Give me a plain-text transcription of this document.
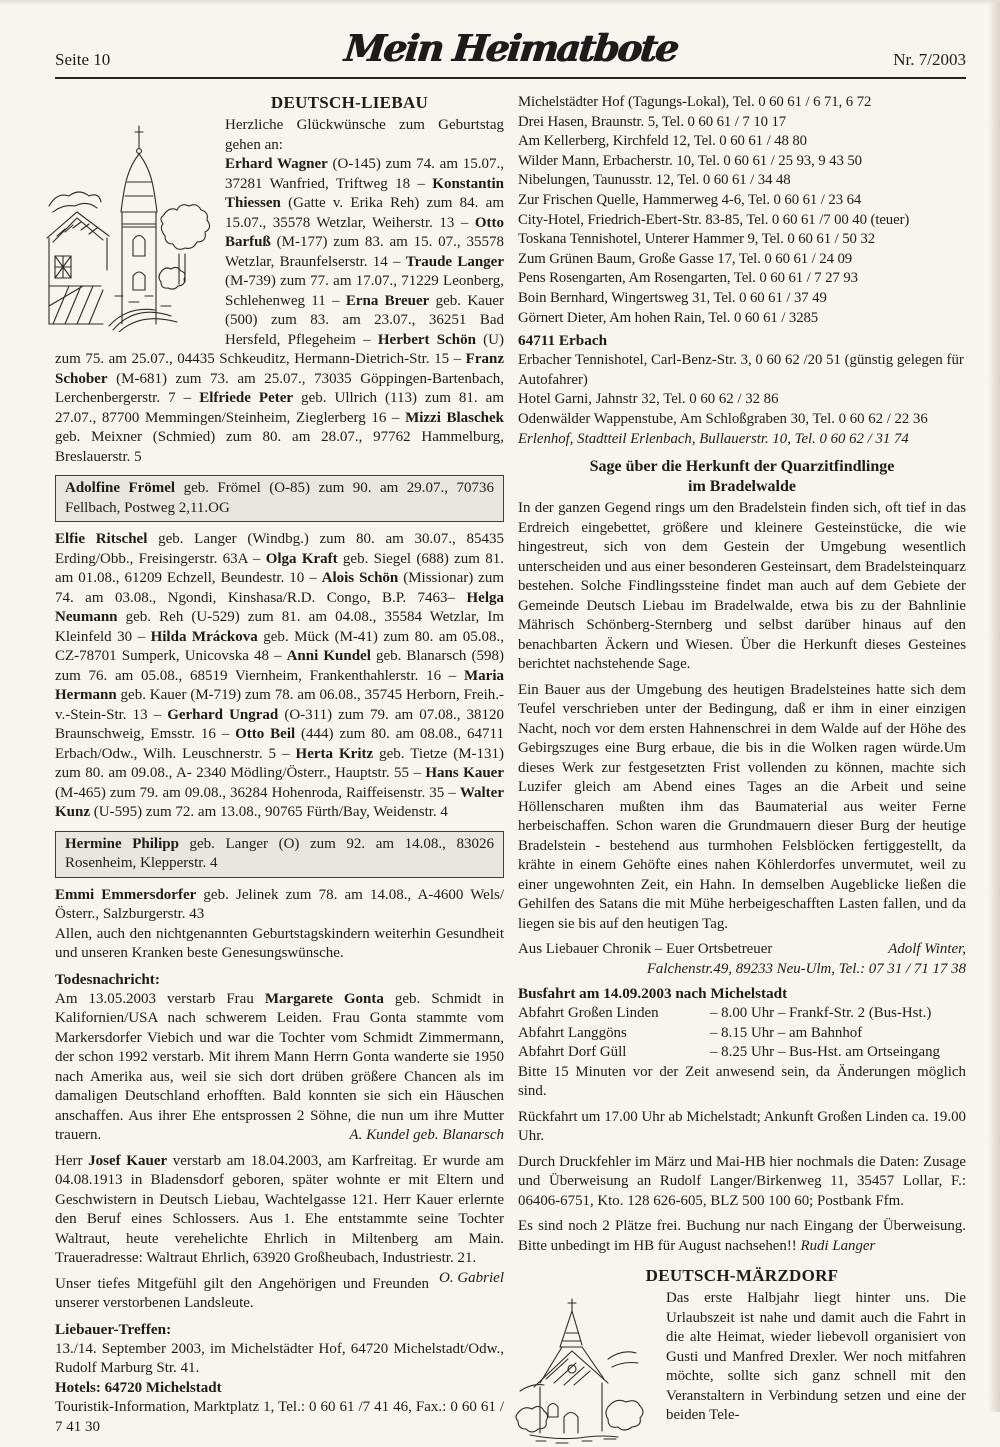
Seite 10	Mein Heimatbote	Nr. 7/2003
DEUTSCH-LIEBAU
Herzliche Glückwünsche zum Geburtstag gehen an:
Erhard Wagner (O-145) zum 74. am 15.07., 37281 Wanfried, Triftweg 18 – Konstantin Thiessen (Gatte v. Erika Reh) zum 84. am 15.07., 35578 Wetzlar, Weiherstr. 13 – Otto Barfuß (M-177) zum 83. am 15. 07., 35578 Wetzlar, Braunfelserstr. 14 – Traude Langer (M-739) zum 77. am 17.07., 71229 Leonberg, Schlehenweg 11 – Erna Breuer geb. Kauer (500) zum 83. am 23.07., 36251 Bad Hersfeld, Pflegeheim – Herbert Schön (U) zum 75. am 25.07., 04435 Schkeuditz, Hermann-Dietrich-Str. 15 – Franz Schober (M-681) zum 73. am 25.07., 73035 Göppingen-Bartenbach, Lerchenbergerstr. 7 – Elfriede Peter geb. Ullrich (113) zum 81. am 27.07., 87700 Memmingen/Steinheim, Zieglerberg 16 – Mizzi Blaschek geb. Meixner (Schmied) zum 80. am 28.07., 97762 Hammelburg, Breslauerstr. 5
Adolfine Frömel geb. Frömel (O-85) zum 90. am 29.07., 70736 Fellbach, Postweg 2,11.OG
Elfie Ritschel geb. Langer (Windbg.) zum 80. am 30.07., 85435 Erding/Obb., Freisingerstr. 63A – Olga Kraft geb. Siegel (688) zum 81. am 01.08., 61209 Echzell, Beundestr. 10 – Alois Schön (Missionar) zum 74. am 03.08., Ngondi, Kinshasa/R.D. Congo, B.P. 7463– Helga Neumann geb. Reh (U-529) zum 81. am 04.08., 35584 Wetzlar, Im Kleinfeld 30 – Hilda Mráckova geb. Mück (M-41) zum 80. am 05.08., CZ-78701 Sumperk, Unicovska 48 – Anni Kundel geb. Blanarsch (598) zum 76. am 05.08., 68519 Viernheim, Frankenthahlerstr. 16 – Maria Hermann geb. Kauer (M-719) zum 78. am 06.08., 35745 Herborn, Freih.-v.-Stein-Str. 13 – Gerhard Ungrad (O-311) zum 79. am 07.08., 38120 Braunschweig, Emsstr. 16 – Otto Beil (444) zum 80. am 08.08., 64711 Erbach/Odw., Wilh. Leuschnerstr. 5 – Herta Kritz geb. Tietze (M-131) zum 80. am 09.08., A- 2340 Mödling/Österr., Hauptstr. 55 – Hans Kauer (M-465) zum 79. am 09.08., 36284 Hohenroda, Raiffeisenstr. 35 – Walter Kunz (U-595) zum 72. am 13.08., 90765 Fürth/Bay, Weidenstr. 4
Hermine Philipp geb. Langer (O) zum 92. am 14.08., 83026 Rosenheim, Klepperstr. 4
Emmi Emmersdorfer geb. Jelinek zum 78. am 14.08., A-4600 Wels/Österr., Salzburgerstr. 43
Allen, auch den nichtgenannten Geburtstagskindern weiterhin Gesundheit und unseren Kranken beste Genesungswünsche.
Todesnachricht:
Am 13.05.2003 verstarb Frau Margarete Gonta geb. Schmidt in Kalifornien/USA nach schwerem Leiden. Frau Gonta stammte vom Markersdorfer Viebich und war die Tochter vom Schmidt Zimmermann, der schon 1992 verstarb. Mit ihrem Mann Herrn Gonta wanderte sie 1950 nach Amerika aus, weil sie sich dort drüben größere Chancen als im damaligen Deutschland erhofften. Bald konnten sie sich ein Häuschen anschaffen. Aus ihrer Ehe entsprossen 2 Söhne, die nun um ihre Mutter trauern.	A. Kundel geb. Blanarsch
Herr Josef Kauer verstarb am 18.04.2003, am Karfreitag. Er wurde am 04.08.1913 in Bladensdorf geboren, später wohnte er mit Eltern und Geschwistern in Deutsch Liebau, Wachtelgasse 121. Herr Kauer erlernte den Beruf eines Schlossers. Aus 1. Ehe entstammte seine Tochter Waltraut, heute verehelichte Ehrlich in Miltenberg am Main. Traueradresse: Waltraut Ehrlich, 63920 Großheubach, Industriestr. 21.
O. Gabriel
Unser tiefes Mitgefühl gilt den Angehörigen und Freunden unserer verstorbenen Landsleute.
Liebauer-Treffen:
13./14. September 2003, im Michelstädter Hof, 64720 Michelstadt/Odw., Rudolf Marburg Str. 41.
Hotels: 64720 Michelstadt
Touristik-Information, Marktplatz 1, Tel.: 0 60 61 /7 41 46, Fax.: 0 60 61 / 7 41 30
Michelstädter Hof (Tagungs-Lokal), Tel. 0 60 61 / 6 71, 6 72
Drei Hasen, Braunstr. 5, Tel. 0 60 61 / 7 10 17
Am Kellerberg, Kirchfeld 12, Tel. 0 60 61 / 48 80
Wilder Mann, Erbacherstr. 10, Tel. 0 60 61 / 25 93, 9 43 50
Nibelungen, Taunusstr. 12, Tel. 0 60 61 / 34 48
Zur Frischen Quelle, Hammerweg 4-6, Tel. 0 60 61 / 23 64
City-Hotel, Friedrich-Ebert-Str. 83-85, Tel. 0 60 61 /7 00 40 (teuer)
Toskana Tennishotel, Unterer Hammer 9, Tel. 0 60 61 / 50 32
Zum Grünen Baum, Große Gasse 17, Tel. 0 60 61 / 24 09
Pens Rosengarten, Am Rosengarten, Tel. 0 60 61 / 7 27 93
Boin Bernhard, Wingertsweg 31, Tel. 0 60 61 / 37 49
Görnert Dieter, Am hohen Rain, Tel. 0 60 61 / 3285
64711 Erbach
Erbacher Tennishotel, Carl-Benz-Str. 3, 0 60 62 /20 51 (günstig gelegen für Autofahrer)
Hotel Garni, Jahnstr 32, Tel. 0 60 62 / 32 86
Odenwälder Wappenstube, Am Schloßgraben 30, Tel. 0 60 62 / 22 36
Erlenhof, Stadtteil Erlenbach, Bullauerstr. 10, Tel. 0 60 62 / 31 74
Sage über die Herkunft der Quarzitfindlinge
im Bradelwalde
In der ganzen Gegend rings um den Bradelstein finden sich, oft tief in das Erdreich eingebettet, größere und kleinere Gesteinstücke, die wie hingestreut, sich von dem Gestein der Umgebung wesentlich unterscheiden und aus einer besonderen Gesteinsart, dem Bradelsteinquarz bestehen. Solche Findlingssteine findet man auch auf dem Gebiete der Gemeinde Deutsch Liebau im Bradelwalde, etwa bis zu der Bahnlinie Mährisch Schönberg-Sternberg und selbst darüber hinaus auf den benachbarten Äckern und Wiesen. Über die Herkunft dieses Gesteines berichtet nachstehende Sage.
Ein Bauer aus der Umgebung des heutigen Bradelsteines hatte sich dem Teufel verschrieben unter der Bedingung, daß er ihm in einer einzigen Nacht, noch vor dem ersten Hahnenschrei in dem Walde auf der Höhe des Gebirgszuges eine Burg erbaue, die bis in die Wolken ragen würde.Um dieses Werk zur festgesetzten Frist vollenden zu können, machte sich Luzifer gleich am Abend eines Tages an die Arbeit und seine Höllenscharen mußten ihm das Baumaterial aus weiter Ferne herbeischaffen. Schon waren die Grundmauern dieser Burg der heutige Bradelstein - bestehend aus turmhohen Felsblöcken fertiggestellt, da krähte in einem Gehöfte eines nahen Köhlerdorfes unvermutet, weil zu einer ungewohnten Zeit, ein Hahn. In demselben Augeblicke ließen die Gehilfen des Satans die mit Mühe herbeigeschafften Lasten fallen, und da liegen sie bis auf den heutigen Tag.
Aus Liebauer Chronik – Euer Ortsbetreuer	Adolf Winter,
Falchenstr.49, 89233 Neu-Ulm, Tel.: 07 31 / 71 17 38
Busfahrt am 14.09.2003 nach Michelstadt
Abfahrt Großen Linden	– 8.00 Uhr – Frankf-Str. 2 (Bus-Hst.)
Abfahrt Langgöns	– 8.15 Uhr – am Bahnhof
Abfahrt Dorf Güll	– 8.25 Uhr – Bus-Hst. am Ortseingang
Bitte 15 Minuten vor der Zeit anwesend sein, da Änderungen möglich sind.
Rückfahrt um 17.00 Uhr ab Michelstadt; Ankunft Großen Linden ca. 19.00 Uhr.
Durch Druckfehler im März und Mai-HB hier nochmals die Daten: Zusage und Überweisung an Rudolf Langer/Birkenweg 11, 35457 Lollar, F.: 06406-6751, Kto. 128 626-605, BLZ 500 100 60; Postbank Ffm.
Es sind noch 2 Plätze frei. Buchung nur nach Eingang der Überweisung. Bitte unbedingt im HB für August nachsehen!! Rudi Langer
DEUTSCH-MÄRZDORF
Das erste Halbjahr liegt hinter uns. Die Urlaubszeit ist nahe und damit auch die Fahrt in die alte Heimat, wieder liebevoll organisiert von Gusti und Manfred Drexler. Wer noch mitfahren möchte, sollte sich ganz schnell mit den Veranstaltern in Verbindung setzen und eine der beiden Tele-
